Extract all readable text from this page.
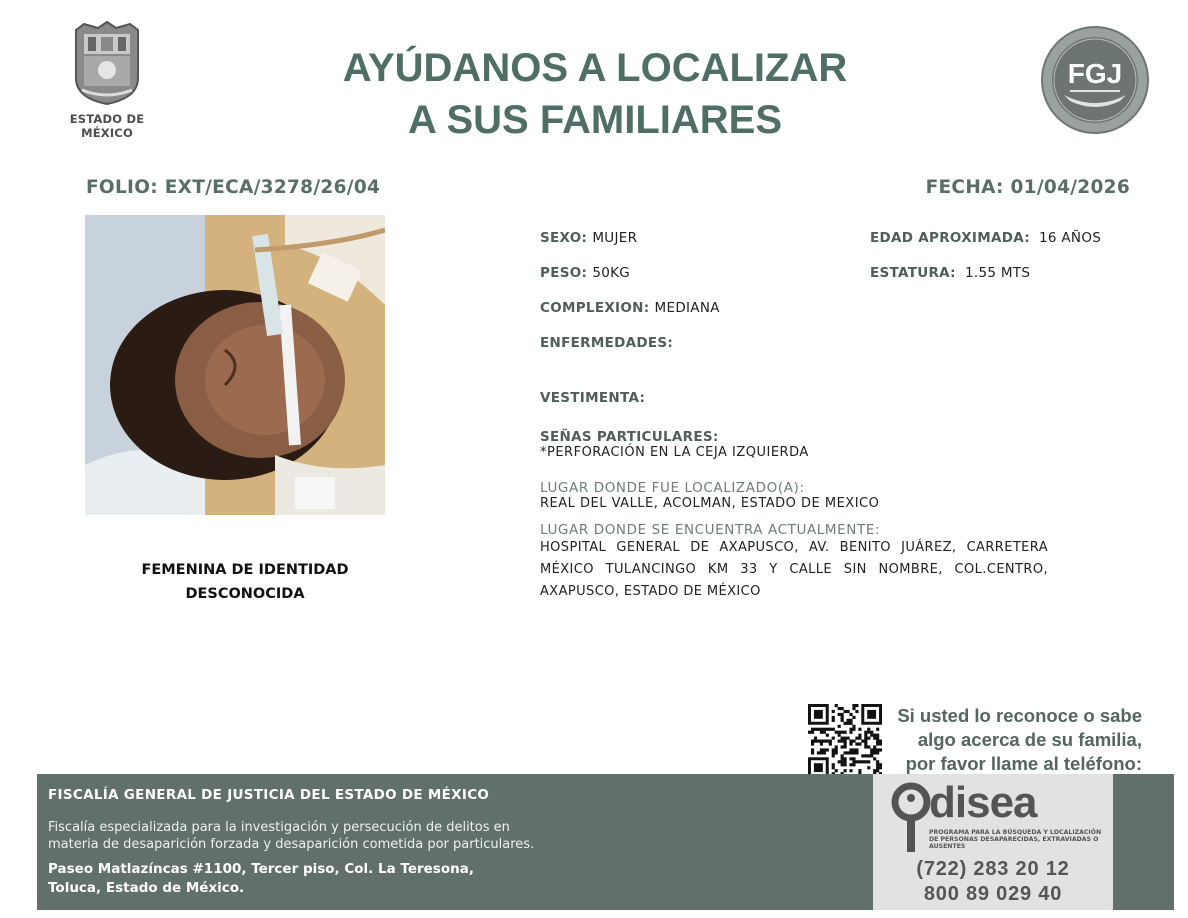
ESTADO DE MÉXICO
AYÚDANOS A LOCALIZAR
A SUS FAMILIARES
FGJ
FOLIO: EXT/ECA/3278/26/04	FECHA: 01/04/2026
FEMENINA DE IDENTIDAD
DESCONOCIDA
SEXO: MUJER	EDAD APROXIMADA: 16 AÑOS
PESO: 50KG	ESTATURA: 1.55 MTS
COMPLEXION: MEDIANA
ENFERMEDADES:
VESTIMENTA:
SEÑAS PARTICULARES:
*PERFORACIÓN EN LA CEJA IZQUIERDA
LUGAR DONDE FUE LOCALIZADO(A):
REAL DEL VALLE, ACOLMAN, ESTADO DE MEXICO
LUGAR DONDE SE ENCUENTRA ACTUALMENTE:
HOSPITAL GENERAL DE AXAPUSCO, AV. BENITO JUÁREZ, CARRETERA MÉXICO TULANCINGO KM 33 Y CALLE SIN NOMBRE, COL.CENTRO, AXAPUSCO, ESTADO DE MÉXICO
Si usted lo reconoce o sabe
algo acerca de su familia,
por favor llame al teléfono:
FISCALÍA GENERAL DE JUSTICIA DEL ESTADO DE MÉXICO
Fiscalía especializada para la investigación y persecución de delitos en
materia de desaparición forzada y desaparición cometida por particulares.
Paseo Matlazíncas #1100, Tercer piso, Col. La Teresona,
Toluca, Estado de México.
disea
PROGRAMA PARA LA BÚSQUEDA Y LOCALIZACIÓN DE PERSONAS DESAPARECIDAS, EXTRAVIADAS O AUSENTES
(722) 283 20 12
800 89 029 40
